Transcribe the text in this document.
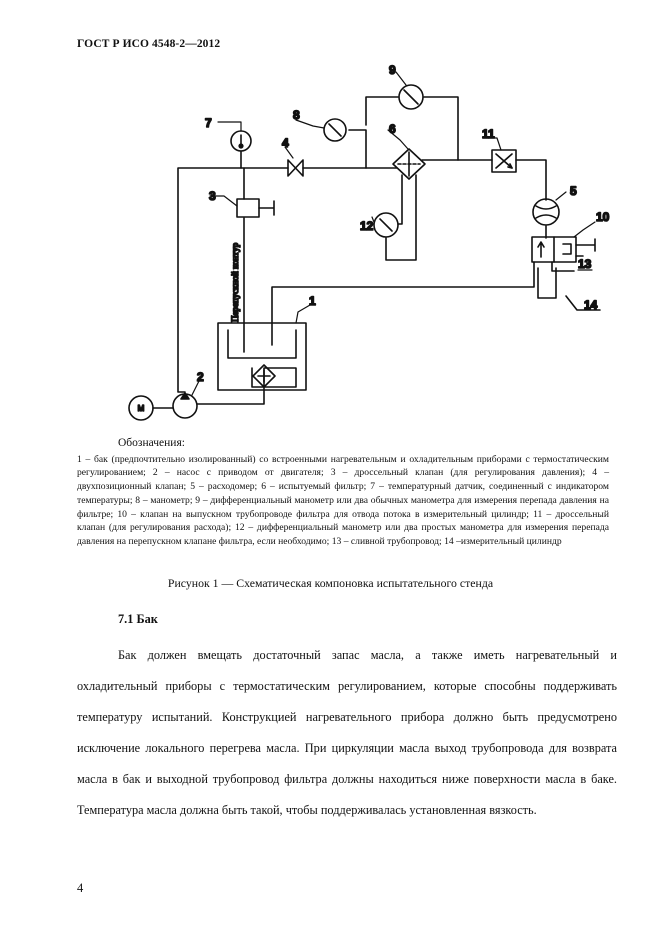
ГОСТ Р ИСО 4548-2—2012
7
8
9
6
4
11
3	5
10
12
13
14
1
2
M
Перепускной контур
Обозначения:
1 – бак (предпочтительно изолированный) со встроенными нагревательным и охладительным приборами с термостатическим регулированием; 2 – насос с приводом от двигателя; 3 – дроссельный клапан (для регулирования давления); 4 – двухпозиционный клапан; 5 – расходомер; 6 – испытуемый фильтр; 7 – температурный датчик, соединенный с индикатором температуры; 8 – манометр; 9 – дифференциальный манометр или два обычных манометра для измерения перепада давления на фильтре; 10 – клапан на выпускном трубопроводе фильтра для отвода потока в измерительный цилиндр; 11 – дроссельный клапан (для регулирования расхода); 12 – дифференциальный манометр или два простых манометра для измерения перепада давления на перепускном клапане фильтра, если необходимо; 13 – сливной трубопровод; 14 –измерительный цилиндр
Рисунок 1 — Схематическая компоновка испытательного стенда
7.1 Бак
Бак должен вмещать достаточный запас масла, а также иметь нагревательный и охладительный приборы с термостатическим регулированием, которые способны поддерживать температуру испытаний. Конструкцией нагревательного прибора должно быть предусмотрено исключение локального перегрева масла. При циркуляции масла выход трубопровода для возврата масла в бак и выходной трубопровод фильтра должны находиться ниже поверхности масла в баке. Температура масла должна быть такой, чтобы поддерживалась установленная вязкость.
4
